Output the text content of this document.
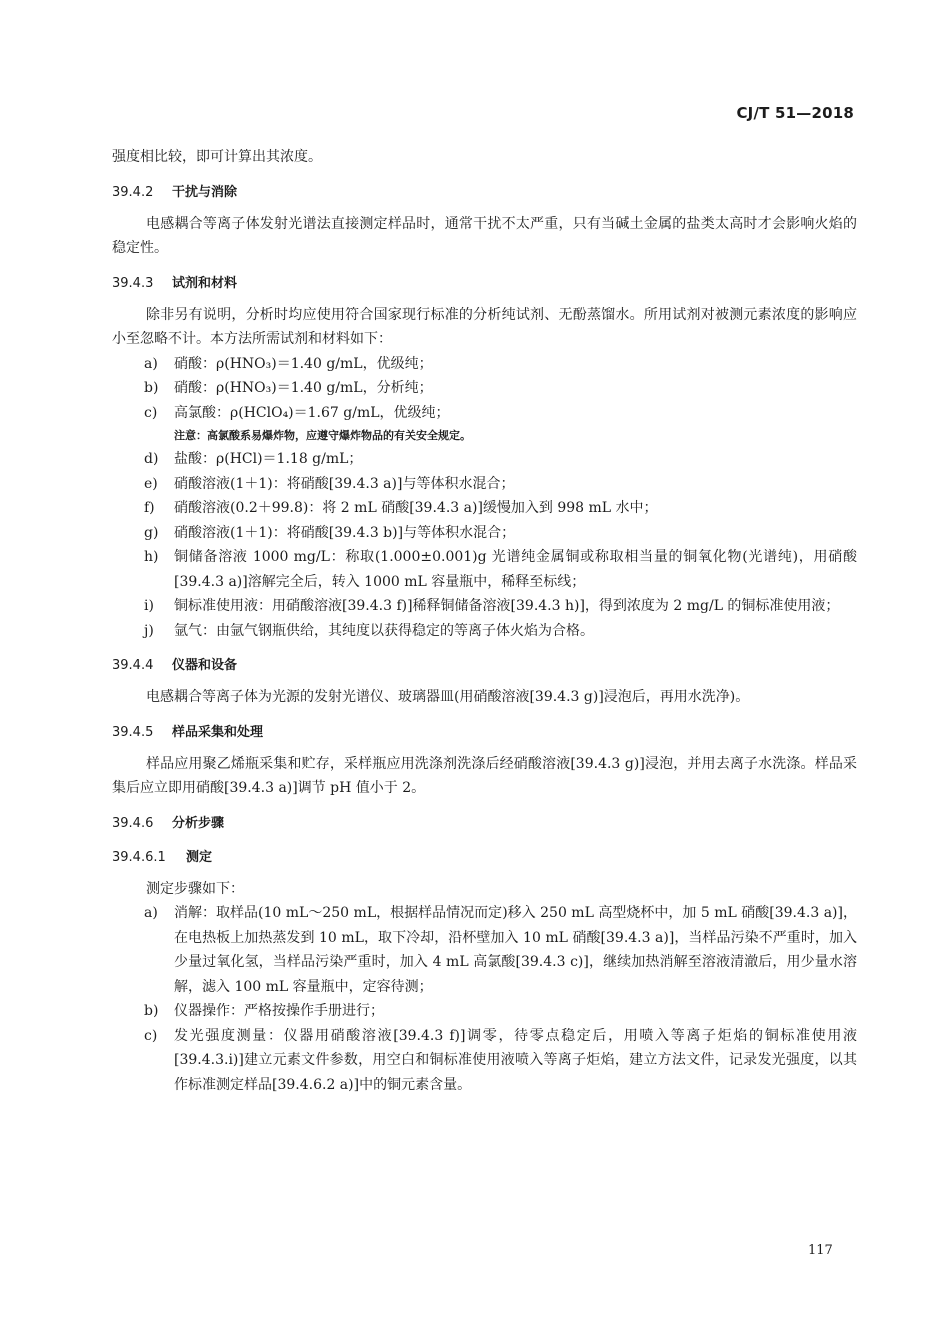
CJ/T 51—2018

强度相比较，即可计算出其浓度。

39.4.2 干扰与消除

电感耦合等离子体发射光谱法直接测定样品时，通常干扰不太严重，只有当碱土金属的盐类太高时才会影响火焰的稳定性。

39.4.3 试剂和材料

除非另有说明，分析时均应使用符合国家现行标准的分析纯试剂、无酚蒸馏水。所用试剂对被测元素浓度的影响应小至忽略不计。本方法所需试剂和材料如下：

a)	硝酸：ρ(HNO₃)＝1.40 g/mL，优级纯；
b)	硝酸：ρ(HNO₃)＝1.40 g/mL，分析纯；
c)	高氯酸：ρ(HClO₄)＝1.67 g/mL，优级纯；
注意：高氯酸系易爆炸物，应遵守爆炸物品的有关安全规定。
d)	盐酸：ρ(HCl)＝1.18 g/mL；
e)	硝酸溶液(1＋1)：将硝酸[39.4.3 a)]与等体积水混合；
f)	硝酸溶液(0.2＋99.8)：将 2 mL 硝酸[39.4.3 a)]缓慢加入到 998 mL 水中；
g)	硝酸溶液(1＋1)：将硝酸[39.4.3 b)]与等体积水混合；
h)	铜储备溶液 1000 mg/L：称取(1.000±0.001)g 光谱纯金属铜或称取相当量的铜氧化物(光谱纯)，用硝酸[39.4.3 a)]溶解完全后，转入 1000 mL 容量瓶中，稀释至标线；
i)	铜标准使用液：用硝酸溶液[39.4.3 f)]稀释铜储备溶液[39.4.3 h)]，得到浓度为 2 mg/L 的铜标准使用液；
j)	氩气：由氩气钢瓶供给，其纯度以获得稳定的等离子体火焰为合格。
39.4.4 仪器和设备

电感耦合等离子体为光源的发射光谱仪、玻璃器皿(用硝酸溶液[39.4.3 g)]浸泡后，再用水洗净)。

39.4.5 样品采集和处理

样品应用聚乙烯瓶采集和贮存，采样瓶应用洗涤剂洗涤后经硝酸溶液[39.4.3 g)]浸泡，并用去离子水洗涤。样品采集后应立即用硝酸[39.4.3 a)]调节 pH 值小于 2。

39.4.6 分析步骤
39.4.6.1 测定

测定步骤如下：

a)	消解：取样品(10 mL～250 mL，根据样品情况而定)移入 250 mL 高型烧杯中，加 5 mL 硝酸[39.4.3 a)]，在电热板上加热蒸发到 10 mL，取下冷却，沿杯壁加入 10 mL 硝酸[39.4.3 a)]，当样品污染不严重时，加入少量过氧化氢，当样品污染严重时，加入 4 mL 高氯酸[39.4.3 c)]，继续加热消解至溶液清澈后，用少量水溶解，滤入 100 mL 容量瓶中，定容待测；
b)	仪器操作：严格按操作手册进行；
c)	发光强度测量：仪器用硝酸溶液[39.4.3 f)]调零，待零点稳定后，用喷入等离子炬焰的铜标准使用液[39.4.3.i)]建立元素文件参数，用空白和铜标准使用液喷入等离子炬焰，建立方法文件，记录发光强度，以其作标准测定样品[39.4.6.2 a)]中的铜元素含量。
117
